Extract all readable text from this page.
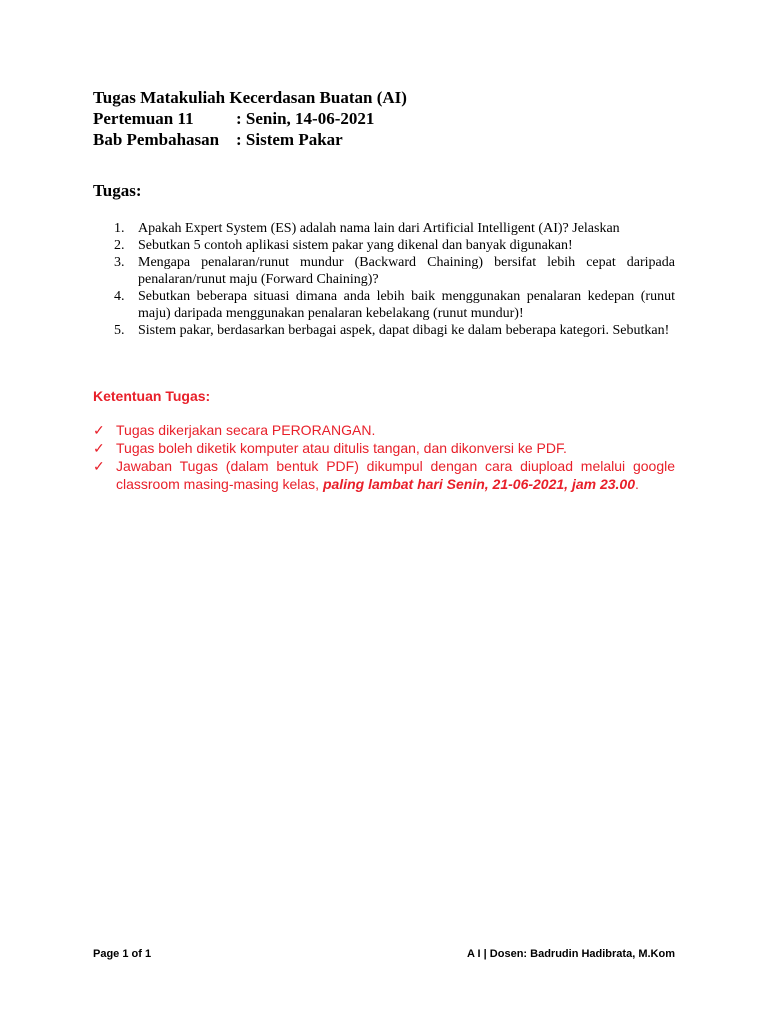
Tugas Matakuliah Kecerdasan Buatan (AI)
Pertemuan 11 : Senin, 14-06-2021
Bab Pembahasan : Sistem Pakar
Tugas:
1. Apakah Expert System (ES) adalah nama lain dari Artificial Intelligent (AI)? Jelaskan
2. Sebutkan 5 contoh aplikasi sistem pakar yang dikenal dan banyak digunakan!
3. Mengapa penalaran/runut mundur (Backward Chaining) bersifat lebih cepat daripada penalaran/runut maju (Forward Chaining)?
4. Sebutkan beberapa situasi dimana anda lebih baik menggunakan penalaran kedepan (runut maju) daripada menggunakan penalaran kebelakang (runut mundur)!
5. Sistem pakar, berdasarkan berbagai aspek, dapat dibagi ke dalam beberapa kategori. Sebutkan!
Ketentuan Tugas:
✓ Tugas dikerjakan secara PERORANGAN.
✓ Tugas boleh diketik komputer atau ditulis tangan, dan dikonversi ke PDF.
✓ Jawaban Tugas (dalam bentuk PDF) dikumpul dengan cara diupload melalui google classroom masing-masing kelas, paling lambat hari Senin, 21-06-2021, jam 23.00.
Page 1 of 1	A I | Dosen: Badrudin Hadibrata, M.Kom
